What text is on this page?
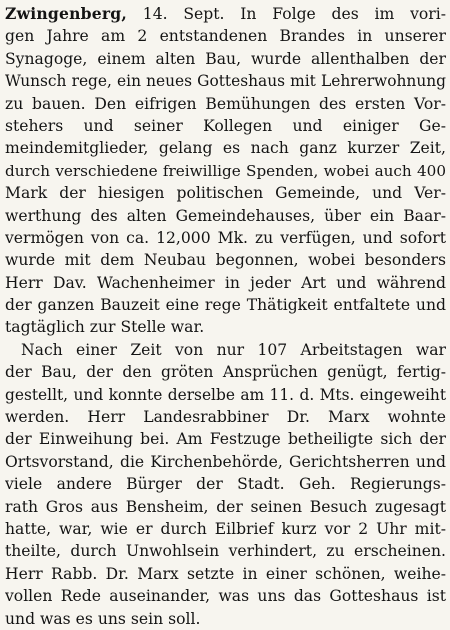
Zwingenberg, 14. Sept. In Folge des im vori-
gen Jahre am 2 entstandenen Brandes in unserer
Synagoge, einem alten Bau, wurde allenthalben der
Wunsch rege, ein neues Gotteshaus mit Lehrerwohnung
zu bauen. Den eifrigen Bemühungen des ersten Vor-
stehers und seiner Kollegen und einiger Ge-
meindemitglieder, gelang es nach ganz kurzer Zeit,
durch verschiedene freiwillige Spenden, wobei auch 400
Mark der hiesigen politischen Gemeinde, und Ver-
werthung des alten Gemeindehauses, über ein Baar-
vermögen von ca. 12,000 Mk. zu verfügen, und sofort
wurde mit dem Neubau begonnen, wobei besonders
Herr Dav. Wachenheimer in jeder Art und während
der ganzen Bauzeit eine rege Thätigkeit entfaltete und
tagtäglich zur Stelle war.
Nach einer Zeit von nur 107 Arbeitstagen war
der Bau, der den gröten Ansprüchen genügt, fertig-
gestellt, und konnte derselbe am 11. d. Mts. eingeweiht
werden. Herr Landesrabbiner Dr. Marx wohnte
der Einweihung bei. Am Festzuge betheiligte sich der
Ortsvorstand, die Kirchenbehörde, Gerichtsherren und
viele andere Bürger der Stadt. Geh. Regierungs-
rath Gros aus Bensheim, der seinen Besuch zugesagt
hatte, war, wie er durch Eilbrief kurz vor 2 Uhr mit-
theilte, durch Unwohlsein verhindert, zu erscheinen.
Herr Rabb. Dr. Marx setzte in einer schönen, weihe-
vollen Rede auseinander, was uns das Gotteshaus ist
und was es uns sein soll.
